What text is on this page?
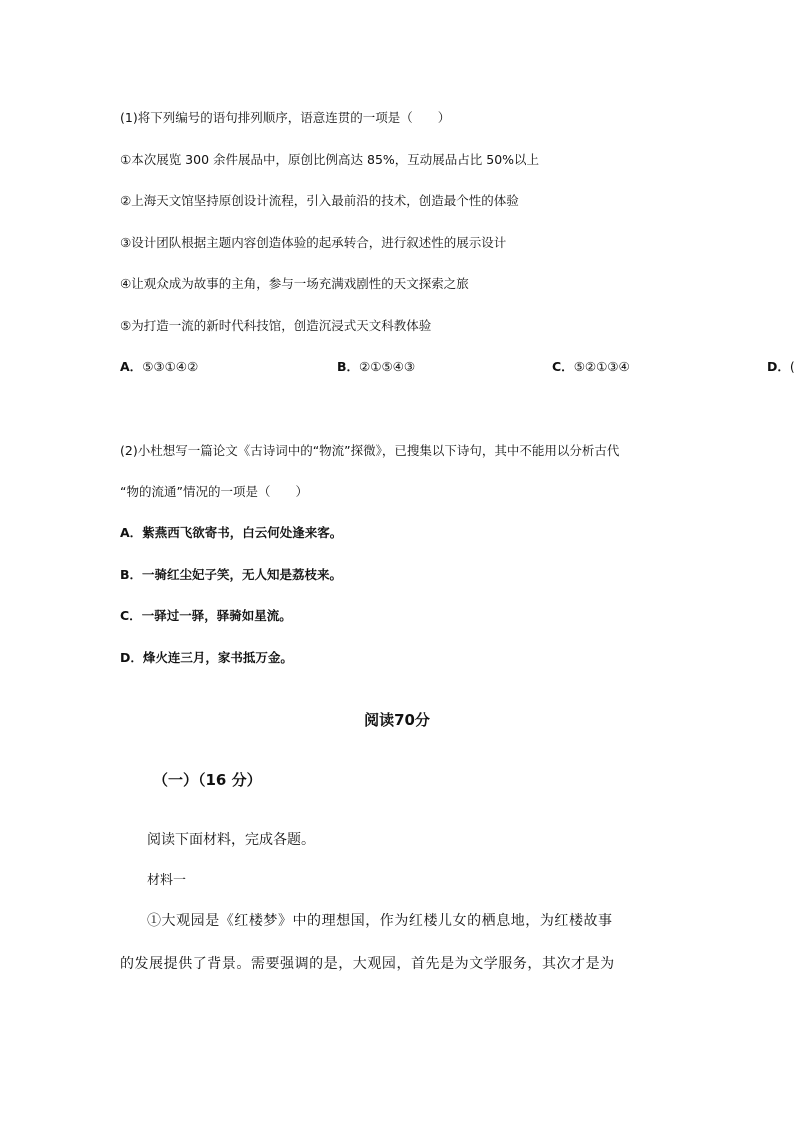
(1)将下列编号的语句排列顺序，语意连贯的一项是（　　）
①本次展览 300 余件展品中，原创比例高达 85%，互动展品占比 50%以上
②上海天文馆坚持原创设计流程，引入最前沿的技术，创造最个性的体验
③设计团队根据主题内容创造体验的起承转合，进行叙述性的展示设计
④让观众成为故事的主角，参与一场充满戏剧性的天文探索之旅
⑤为打造一流的新时代科技馆，创造沉浸式天文科教体验
A．⑤③①④②	B．②①⑤④③	C．⑤②①③④	D．(
(2)小杜想写一篇论文《古诗词中的“物流”探微》，已搜集以下诗句，其中不能用以分析古代
“物的流通”情况的一项是（　　）
A．紫燕西飞欲寄书，白云何处逢来客。
B．一骑红尘妃子笑，无人知是荔枝来。
C．一驿过一驿，驿骑如星流。
D．烽火连三月，家书抵万金。
阅读70分
（一）（16 分）
阅读下面材料，完成各题。
材料一
①大观园是《红楼梦》中的理想国，作为红楼儿女的栖息地，为红楼故事
的发展提供了背景。需要强调的是，大观园，首先是为文学服务，其次才是为
